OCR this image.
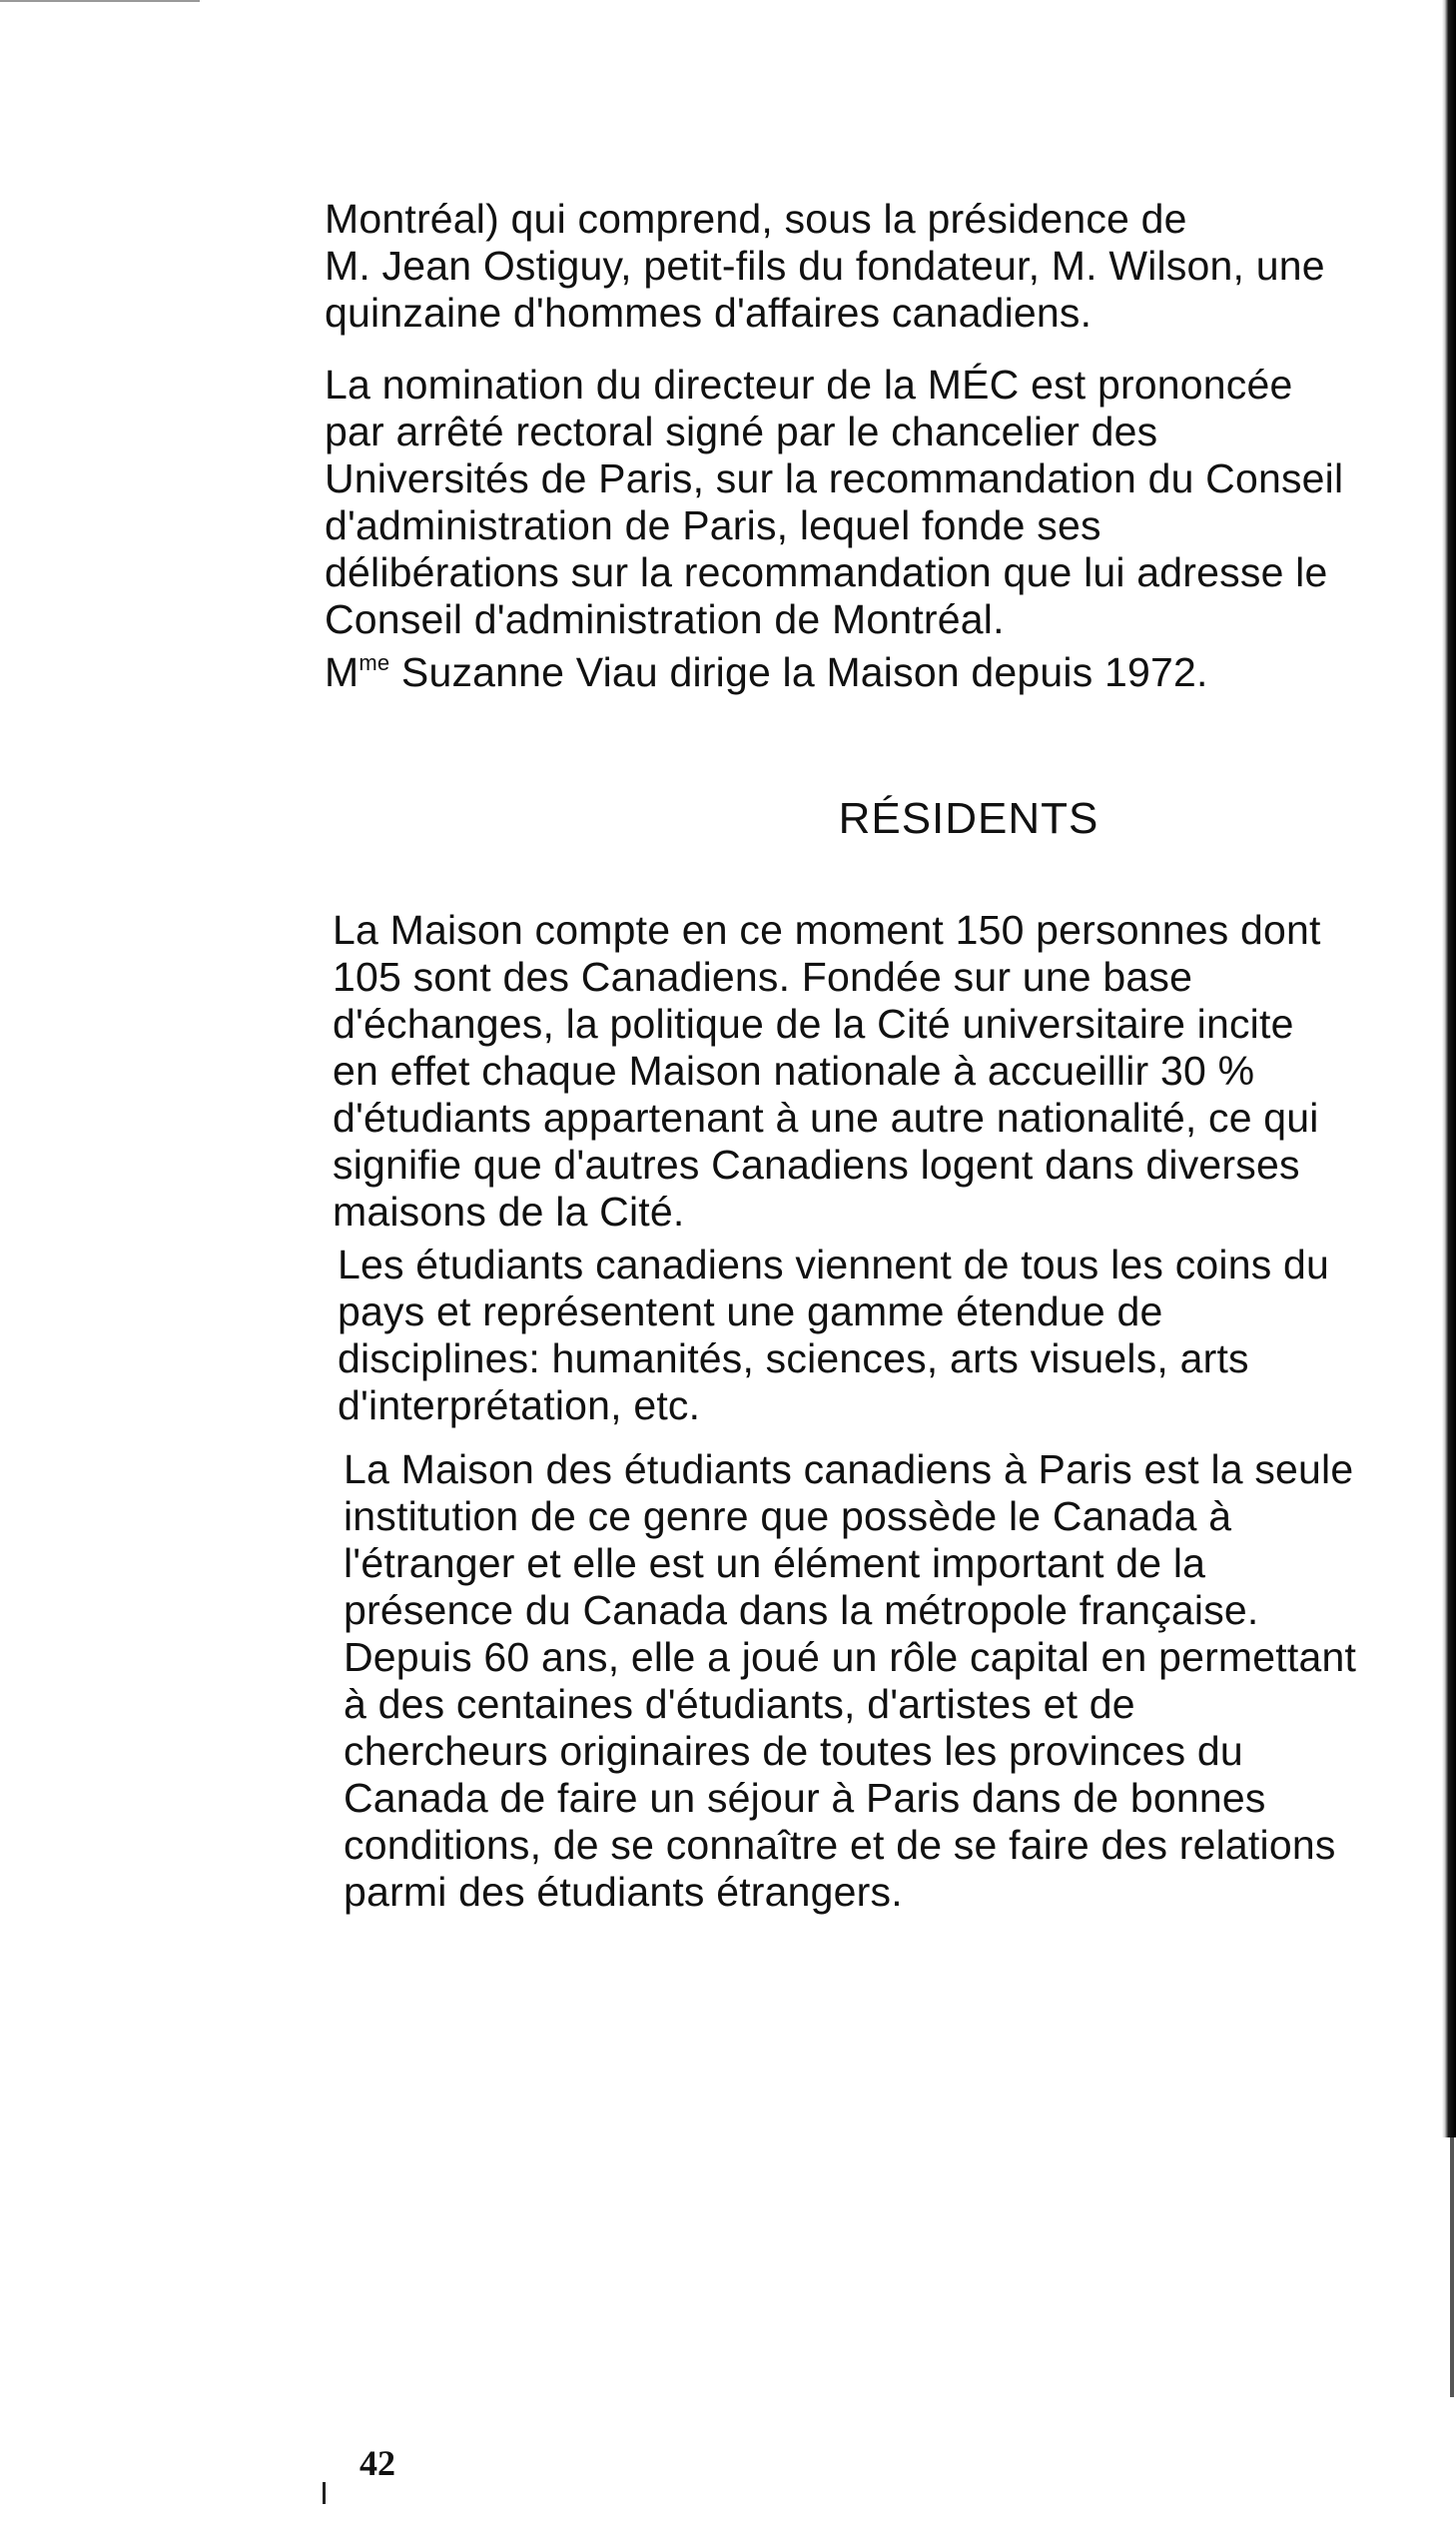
Montréal) qui comprend, sous la présidence de
M. Jean Ostiguy, petit-fils du fondateur, M. Wilson, une
quinzaine d'hommes d'affaires canadiens.

La nomination du directeur de la MÉC est prononcée
par arrêté rectoral signé par le chancelier des
Universités de Paris, sur la recommandation du Conseil
d'administration de Paris, lequel fonde ses
délibérations sur la recommandation que lui adresse le
Conseil d'administration de Montréal.

$M^{me}$ Suzanne Viau dirige la Maison depuis 1972.

RÉSIDENTS

La Maison compte en ce moment 150 personnes dont
105 sont des Canadiens. Fondée sur une base
d'échanges, la politique de la Cité universitaire incite
en effet chaque Maison nationale à accueillir 30 %
d'étudiants appartenant à une autre nationalité, ce qui
signifie que d'autres Canadiens logent dans diverses
maisons de la Cité.

Les étudiants canadiens viennent de tous les coins du
pays et représentent une gamme étendue de
disciplines: humanités, sciences, arts visuels, arts
d'interprétation, etc.

La Maison des étudiants canadiens à Paris est la seule
institution de ce genre que possède le Canada à
l'étranger et elle est un élément important de la
présence du Canada dans la métropole française.
Depuis 60 ans, elle a joué un rôle capital en permettant
à des centaines d'étudiants, d'artistes et de
chercheurs originaires de toutes les provinces du
Canada de faire un séjour à Paris dans de bonnes
conditions, de se connaître et de se faire des relations
parmi des étudiants étrangers.

42
